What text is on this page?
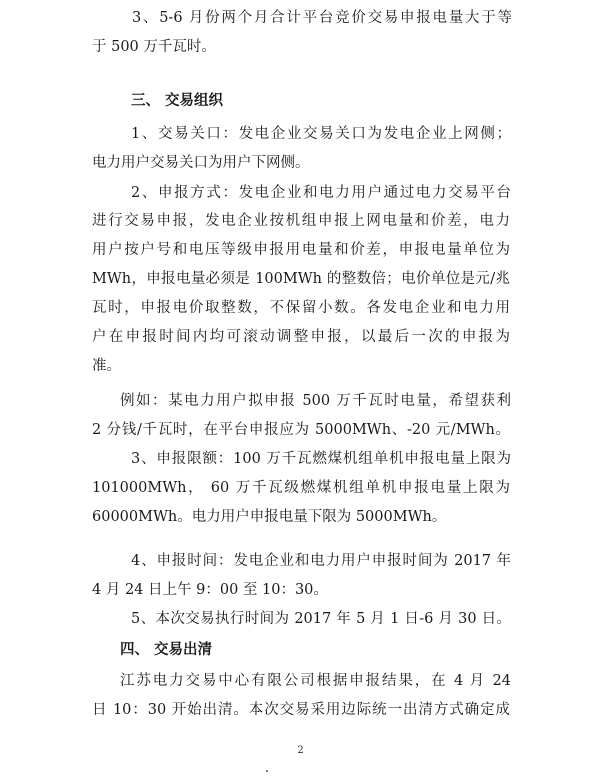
3、5-6 月份两个月合计平台竞价交易申报电量大于等
于 500 万千瓦时。
三、 交易组织
1、交易关口：发电企业交易关口为发电企业上网侧；
电力用户交易关口为用户下网侧。
2、申报方式：发电企业和电力用户通过电力交易平台
进行交易申报，发电企业按机组申报上网电量和价差，电力
用户按户号和电压等级申报用电量和价差，申报电量单位为
MWh，申报电量必须是 100MWh 的整数倍；电价单位是元/兆
瓦时，申报电价取整数，不保留小数。各发电企业和电力用
户在申报时间内均可滚动调整申报，以最后一次的申报为
准。
例如：某电力用户拟申报 500 万千瓦时电量，希望获利
2 分钱/千瓦时，在平台申报应为 5000MWh、-20 元/MWh。
3、申报限额：100 万千瓦燃煤机组单机申报电量上限为
101000MWh， 60 万千瓦级燃煤机组单机申报电量上限为
60000MWh。电力用户申报电量下限为 5000MWh。
4、申报时间：发电企业和电力用户申报时间为 2017 年
4 月 24 日上午 9：00 至 10：30。
5、本次交易执行时间为 2017 年 5 月 1 日-6 月 30 日。
四、 交易出清
江苏电力交易中心有限公司根据申报结果，在 4 月 24
日 10：30 开始出清。本次交易采用边际统一出清方式确定成
2
